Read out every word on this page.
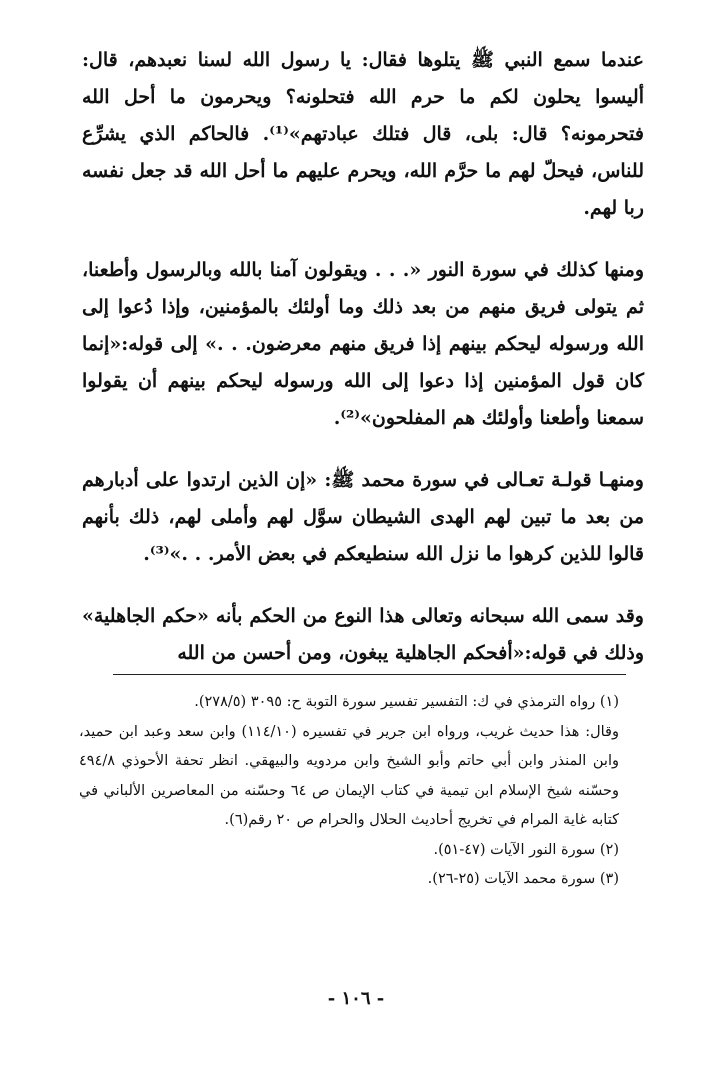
عندما سمع النبي ﷺ يتلوها فقال: يا رسول الله لسنا نعبدهم، قال: أليسوا يحلون لكم ما حرم الله فتحلونه؟ ويحرمون ما أحل الله فتحرمونه؟ قال: بلى، قال فتلك عبادتهم»⁽¹⁾. فالحاكم الذي يشرِّع للناس، فيحلّ لهم ما حرَّم الله، ويحرم عليهم ما أحل الله قد جعل نفسه ربا لهم.

ومنها كذلك في سورة النور «. . . ويقولون آمنا بالله وبالرسول وأطعنا، ثم يتولى فريق منهم من بعد ذلك وما أولئك بالمؤمنين، وإذا دُعوا إلى الله ورسوله ليحكم بينهم إذا فريق منهم معرضون. . .» إلى قوله:«إنما كان قول المؤمنين إذا دعوا إلى الله ورسوله ليحكم بينهم أن يقولوا سمعنا وأطعنا وأولئك هم المفلحون»⁽²⁾.

ومنهـا قولـة تعـالى في سورة محمد ﷺ: «إن الذين ارتدوا على أدبارهم من بعد ما تبين لهم الهدى الشيطان سوَّل لهم وأملى لهم، ذلك بأنهم قالوا للذين كرهوا ما نزل الله سنطيعكم في بعض الأمر. . .»⁽³⁾.

وقد سمى الله سبحانه وتعالى هذا النوع من الحكم بأنه «حكم الجاهلية» وذلك في قوله:«أفحكم الجاهلية يبغون، ومن أحسن من الله

(١) رواه الترمذي في ك: التفسير تفسير سورة التوبة ح: ٣٠٩٥ (٢٧٨/٥).

وقال: هذا حديث غريب، ورواه ابن جرير في تفسيره (١١٤/١٠) وابن سعد وعبد ابن حميد، وابن المنذر وابن أبي حاتم وأبو الشيخ وابن مردويه والبيهقي. انظر تحفة الأحوذي ٤٩٤/٨ وحسّنه شيخ الإسلام ابن تيمية في كتاب الإيمان ص ٦٤ وحسّنه من المعاصرين الألباني في كتابه غاية المرام في تخريج أحاديث الحلال والحرام ص ٢٠ رقم(٦).

(٢) سورة النور الآيات (٤٧-٥١).

(٣) سورة محمد الآيات (٢٥-٢٦).

- ١٠٦ -
